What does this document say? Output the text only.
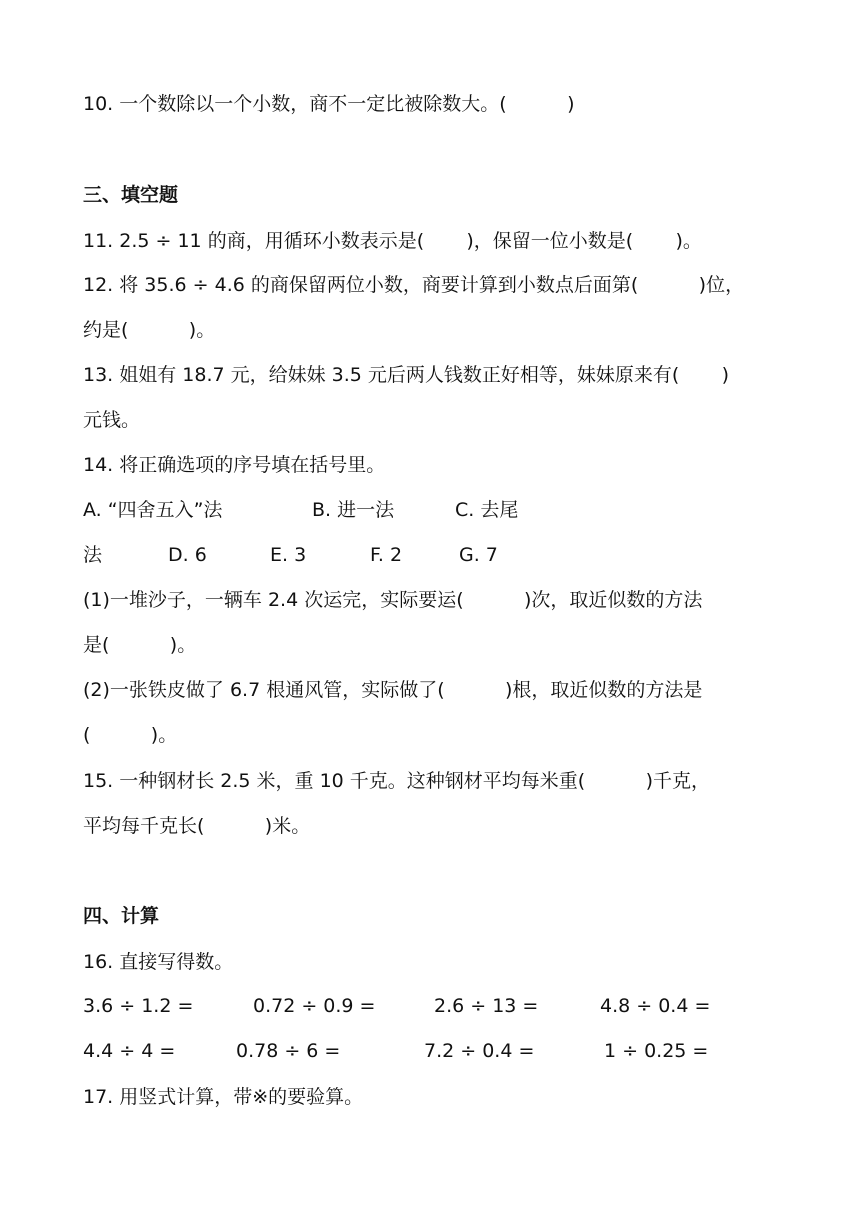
10. 一个数除以一个小数，商不一定比被除数大。(          )
三、填空题
11. 2.5 ÷ 11 的商，用循环小数表示是(       )，保留一位小数是(       )。
12. 将 35.6 ÷ 4.6 的商保留两位小数，商要计算到小数点后面第(          )位，
约是(          )。
13. 姐姐有 18.7 元，给妹妹 3.5 元后两人钱数正好相等，妹妹原来有(       )
元钱。
14. 将正确选项的序号填在括号里。
A. “四舍五入”法	B. 进一法	C. 去尾
法	D. 6	E. 3	F. 2	G. 7
(1)一堆沙子，一辆车 2.4 次运完，实际要运(          )次，取近似数的方法
是(          )。
(2)一张铁皮做了 6.7 根通风管，实际做了(          )根，取近似数的方法是
(          )。
15. 一种钢材长 2.5 米，重 10 千克。这种钢材平均每米重(          )千克，
平均每千克长(          )米。
四、计算
16. 直接写得数。
3.6 ÷ 1.2 =	0.72 ÷ 0.9 =	2.6 ÷ 13 =	4.8 ÷ 0.4 =
4.4 ÷ 4 =	0.78 ÷ 6 =	7.2 ÷ 0.4 =	1 ÷ 0.25 =
17. 用竖式计算，带※的要验算。
